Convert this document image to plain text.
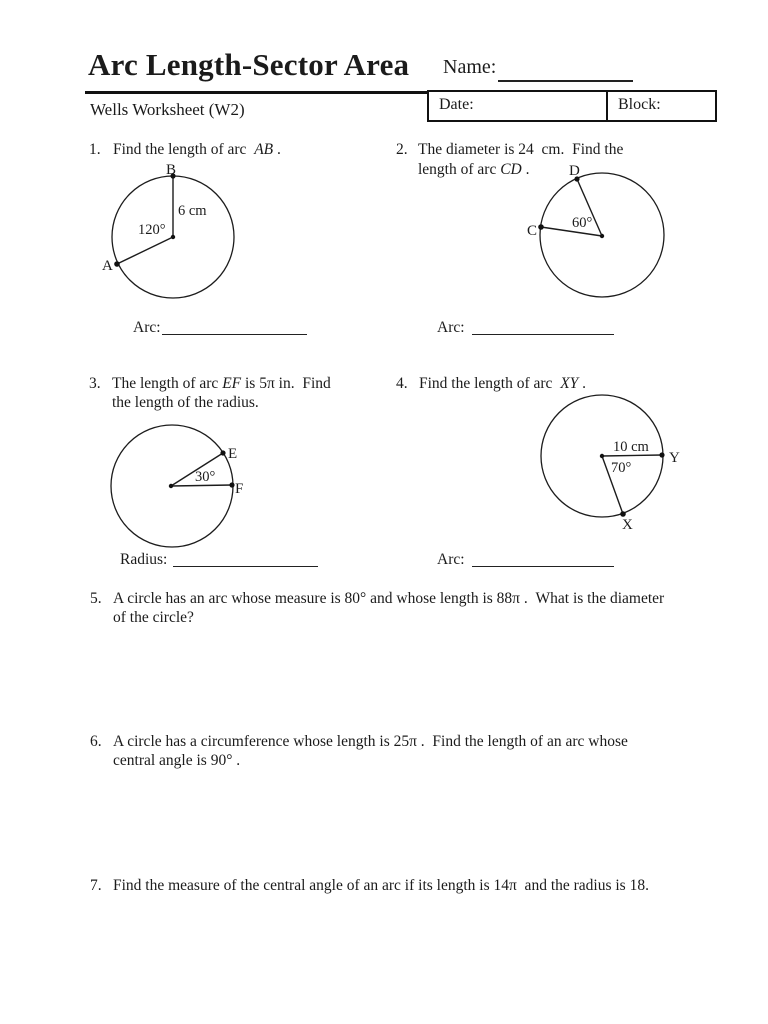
Arc Length-Sector Area Name:
Wells Worksheet (W2)	Date:	Block:
1. Find the length of arc  AB .	2. The diameter is 24  cm.  Find the
length of arc CD .
B
A
6 cm
120°
D
C 60°
Arc:	Arc:
3. The length of arc EF is 5π in.  Find
the length of the radius.
4. Find the length of arc  XY .
E
F
30°
Y
X
10 cm
70°
Radius:	Arc:
5. A circle has an arc whose measure is 80° and whose length is 88π .  What is the diameter
of the circle?
6. A circle has a circumference whose length is 25π .  Find the length of an arc whose
central angle is 90° .
7. Find the measure of the central angle of an arc if its length is 14π  and the radius is 18.
